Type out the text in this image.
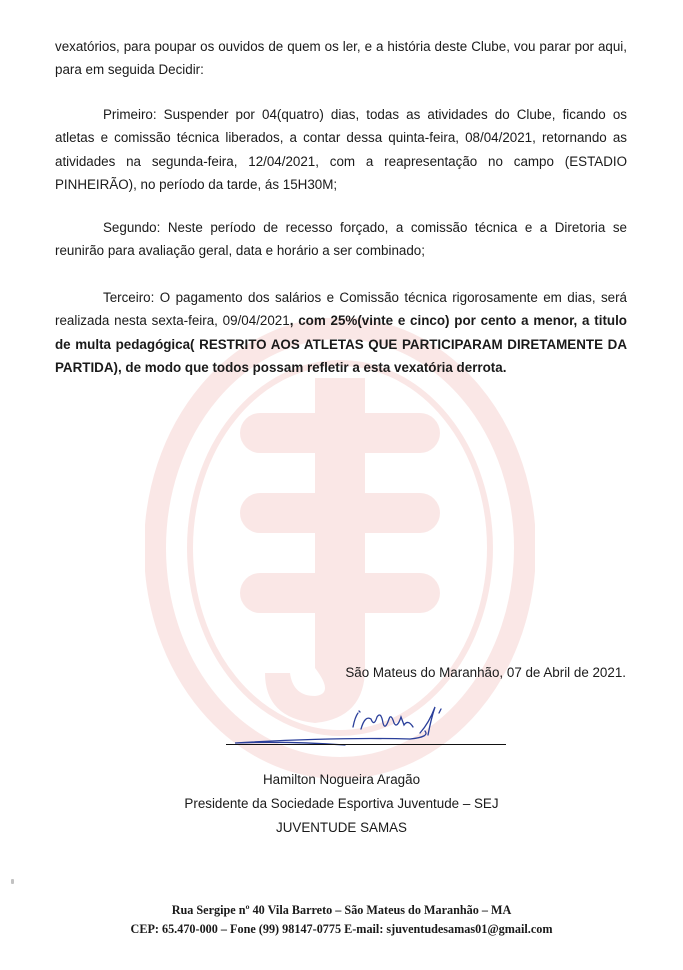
vexatórios, para poupar os ouvidos de quem os ler, e a história deste Clube, vou parar por aqui, para em seguida Decidir:

Primeiro: Suspender por 04(quatro) dias, todas as atividades do Clube, ficando os atletas e comissão técnica liberados, a contar dessa quinta-feira, 08/04/2021, retornando as atividades na segunda-feira, 12/04/2021, com a reapresentação no campo (ESTADIO PINHEIRÃO), no período da tarde, ás 15H30M;

Segundo: Neste período de recesso forçado, a comissão técnica e a Diretoria se reunirão para avaliação geral, data e horário a ser combinado;

Terceiro: O pagamento dos salários e Comissão técnica rigorosamente em dias, será realizada nesta sexta-feira, 09/04/2021, com 25%(vinte e cinco) por cento a menor, a titulo de multa pedagógica( RESTRITO AOS ATLETAS QUE PARTICIPARAM DIRETAMENTE DA PARTIDA), de modo que todos possam refletir a esta vexatória derrota.

São Mateus do Maranhão, 07 de Abril de 2021.

Hamilton Nogueira Aragão

Presidente da Sociedade Esportiva Juventude – SEJ

JUVENTUDE SAMAS

Rua Sergipe nº 40 Vila Barreto – São Mateus do Maranhão – MA

CEP: 65.470-000 – Fone (99) 98147-0775 E-mail: sjuventudesamas01@gmail.com
